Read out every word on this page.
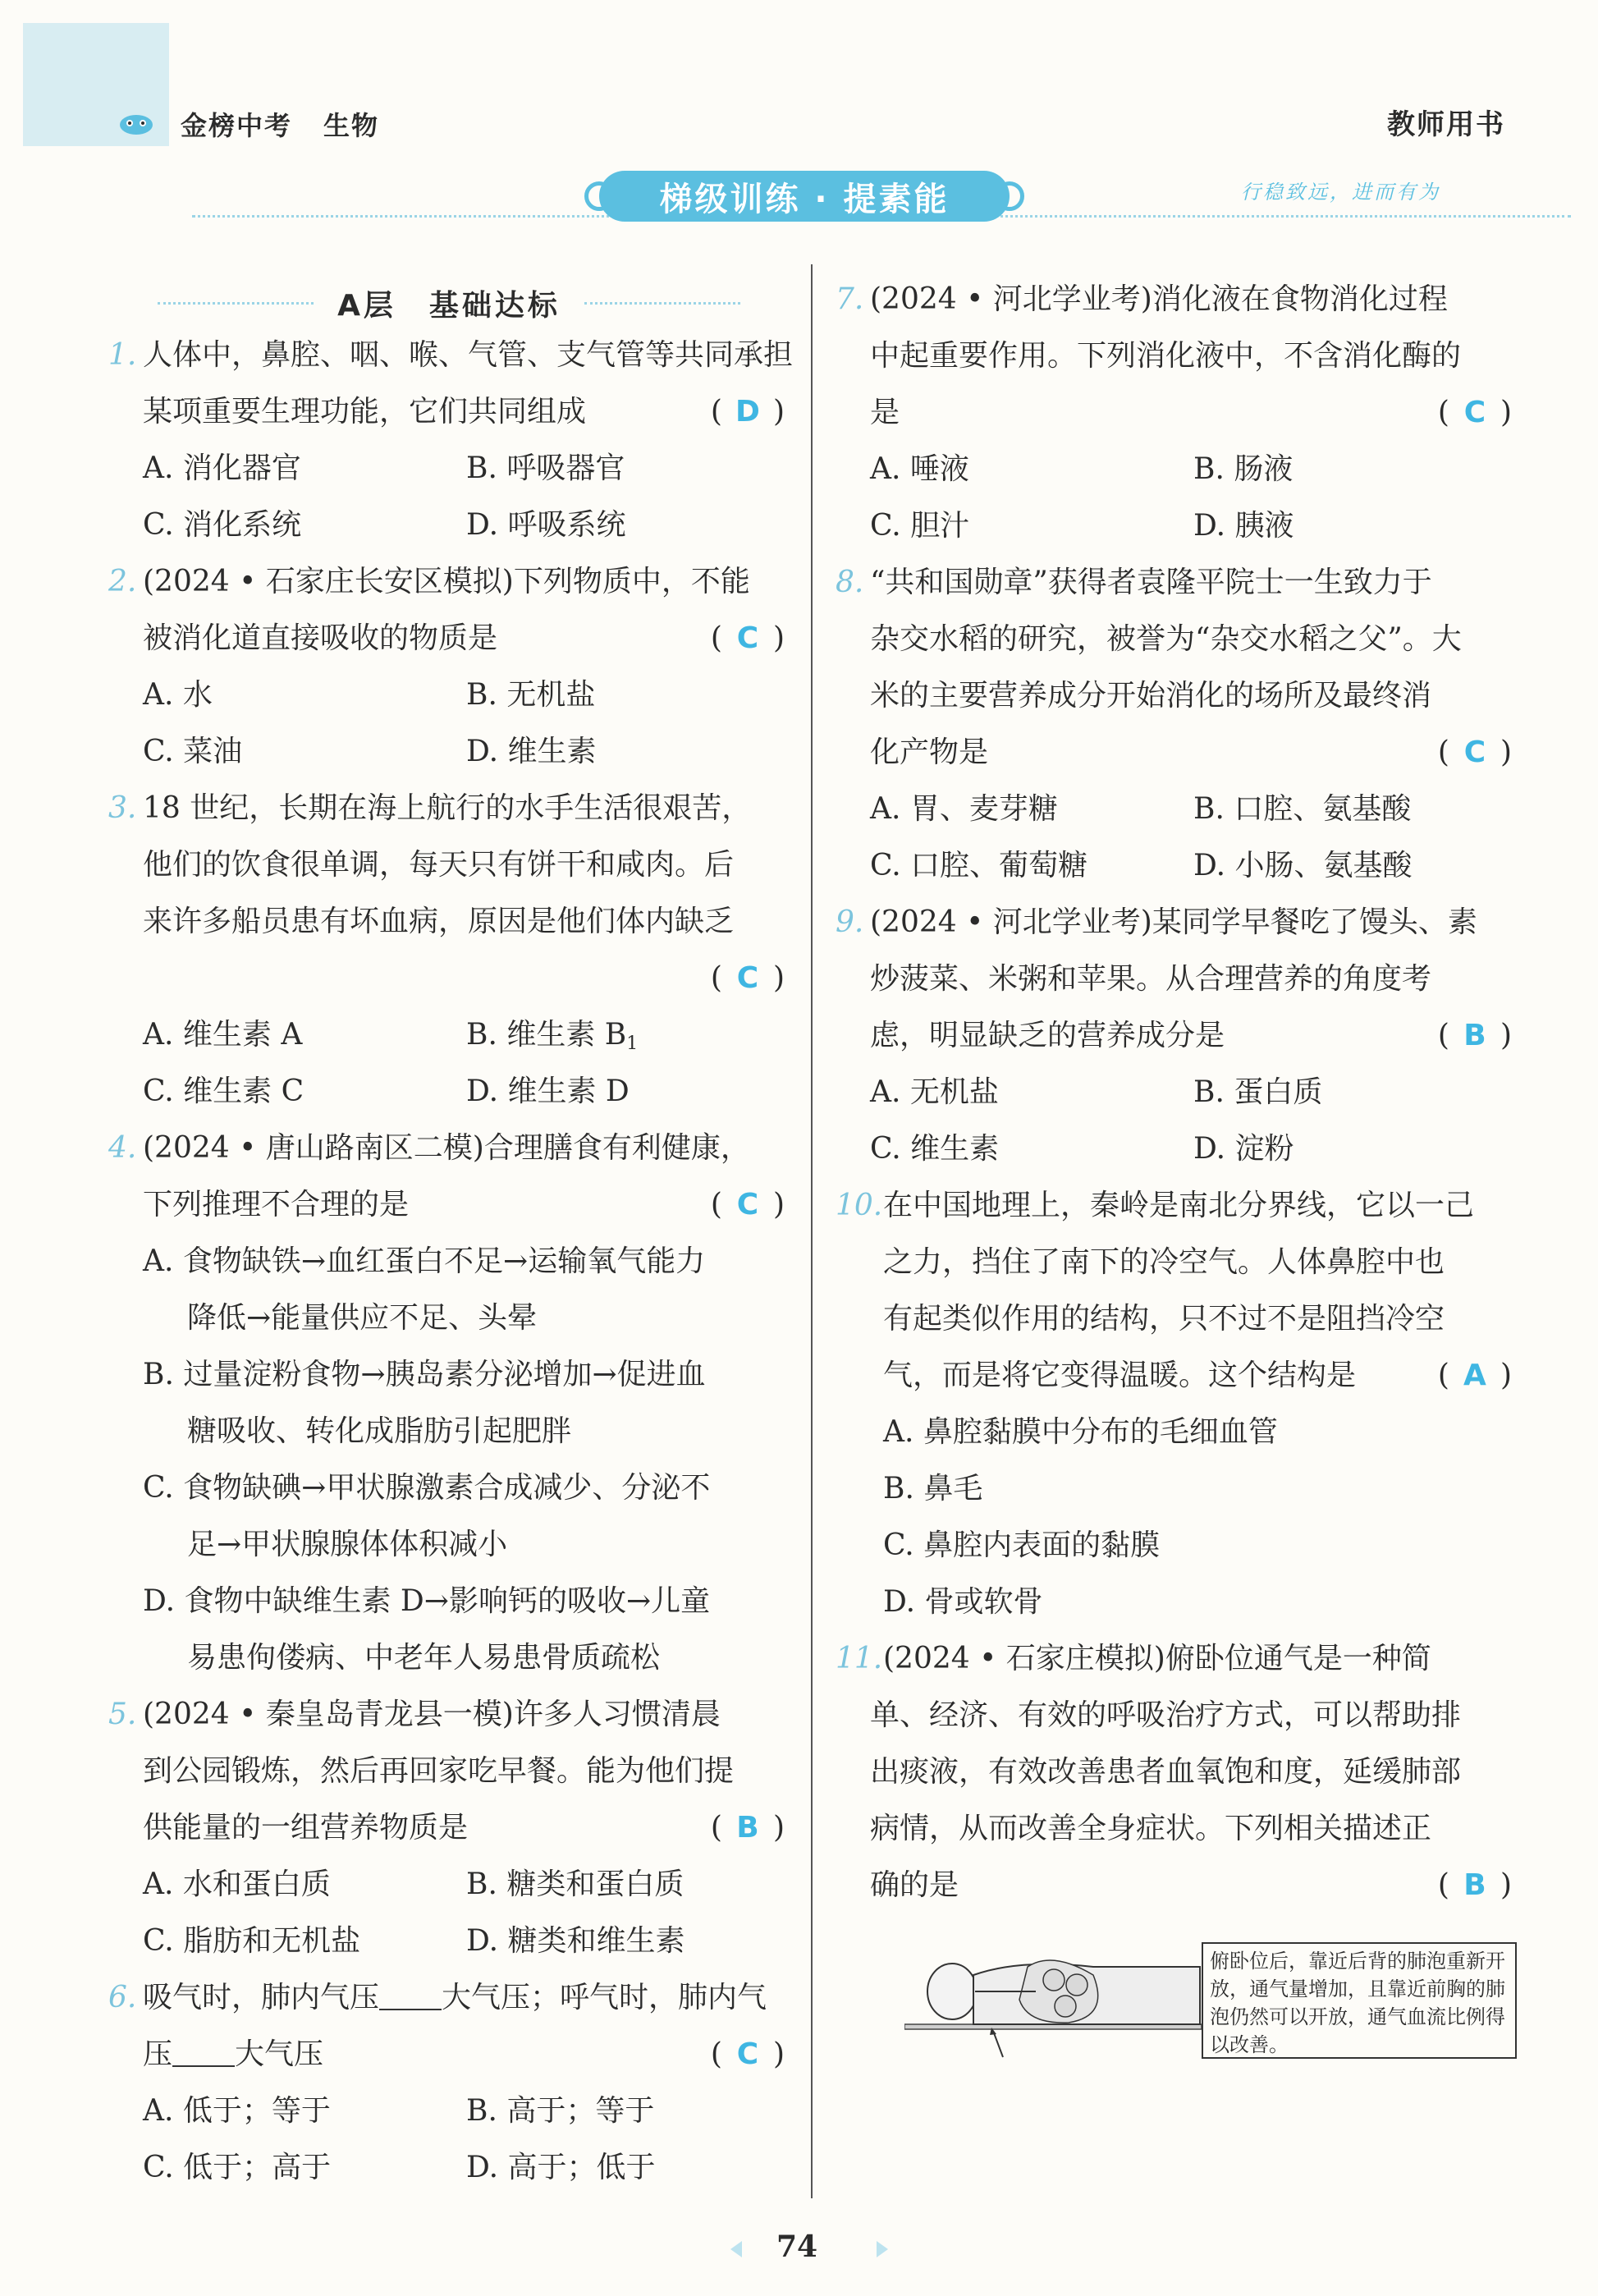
金榜中考 生物	教师用书
梯级训练 · 提素能	行稳致远，进而有为
A层　基础达标
1. 人体中，鼻腔、咽、喉、气管、支气管等共同承担
某项重要生理功能，它们共同组成	( D )
A. 消化器官	B. 呼吸器官
C. 消化系统	D. 呼吸系统
2. (2024 • 石家庄长安区模拟)下列物质中，不能
被消化道直接吸收的物质是	( C )
A. 水	B. 无机盐
C. 菜油	D. 维生素
3. 18 世纪，长期在海上航行的水手生活很艰苦，
他们的饮食很单调，每天只有饼干和咸肉。后
来许多船员患有坏血病，原因是他们体内缺乏
( C )
A. 维生素 A	B. 维生素 $B_1$
C. 维生素 C	D. 维生素 D
4. (2024 • 唐山路南区二模)合理膳食有利健康，
下列推理不合理的是	( C )
A. 食物缺铁→血红蛋白不足→运输氧气能力
降低→能量供应不足、头晕
B. 过量淀粉食物→胰岛素分泌增加→促进血
糖吸收、转化成脂肪引起肥胖
C. 食物缺碘→甲状腺激素合成减少、分泌不
足→甲状腺腺体体积减小
D. 食物中缺维生素 D→影响钙的吸收→儿童
易患佝偻病、中老年人易患骨质疏松
5. (2024 • 秦皇岛青龙县一模)许多人习惯清晨
到公园锻炼，然后再回家吃早餐。能为他们提
供能量的一组营养物质是	( B )
A. 水和蛋白质	B. 糖类和蛋白质
C. 脂肪和无机盐	D. 糖类和维生素
6. 吸气时，肺内气压 大气压；呼气时，肺内气
压 大气压	( C )
A. 低于；等于	B. 高于；等于
C. 低于；高于	D. 高于；低于
7. (2024 • 河北学业考)消化液在食物消化过程
中起重要作用。下列消化液中，不含消化酶的
是	( C )
A. 唾液	B. 肠液
C. 胆汁	D. 胰液
8. “共和国勋章”获得者袁隆平院士一生致力于
杂交水稻的研究，被誉为“杂交水稻之父”。大
米的主要营养成分开始消化的场所及最终消
化产物是	( C )
A. 胃、麦芽糖	B. 口腔、氨基酸
C. 口腔、葡萄糖	D. 小肠、氨基酸
9. (2024 • 河北学业考)某同学早餐吃了馒头、素
炒菠菜、米粥和苹果。从合理营养的角度考
虑，明显缺乏的营养成分是	( B )
A. 无机盐	B. 蛋白质
C. 维生素	D. 淀粉
10. 在中国地理上，秦岭是南北分界线，它以一己
之力，挡住了南下的冷空气。人体鼻腔中也
有起类似作用的结构，只不过不是阻挡冷空
气，而是将它变得温暖。这个结构是	( A )
A. 鼻腔黏膜中分布的毛细血管
B. 鼻毛
C. 鼻腔内表面的黏膜
D. 骨或软骨
11. (2024 • 石家庄模拟)俯卧位通气是一种简
单、经济、有效的呼吸治疗方式，可以帮助排
出痰液，有效改善患者血氧饱和度，延缓肺部
病情，从而改善全身症状。下列相关描述正
确的是	( B )
俯卧位后，靠近后背的肺泡重新开放，通气量增加，且靠近前胸的肺泡仍然可以开放，通气血流比例得以改善。
74
